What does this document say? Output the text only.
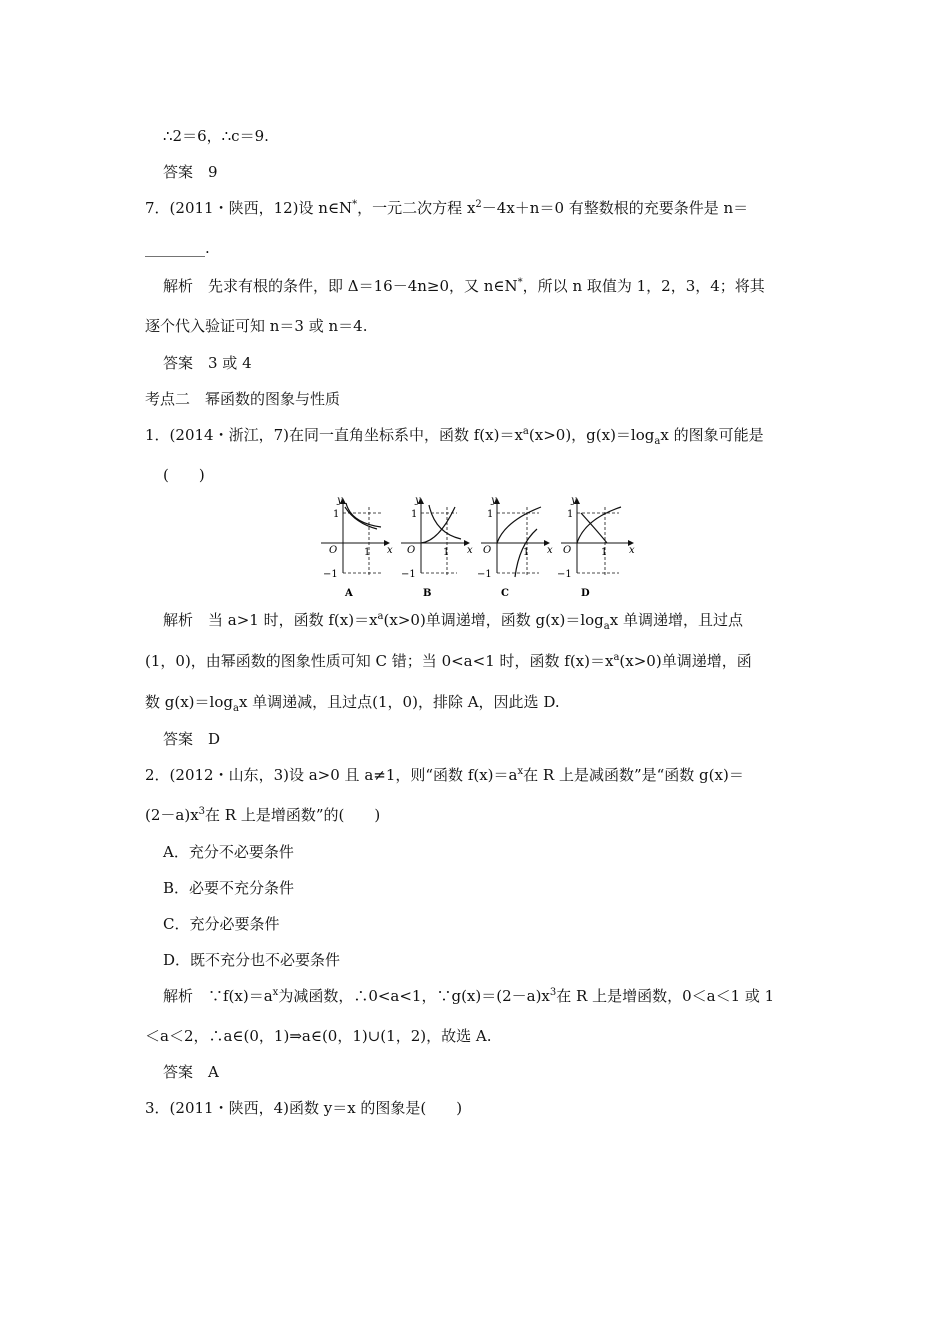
∴2＝6，∴c＝9.
答案　9
7．(2011・陕西，12)设 n∈N*，一元二次方程 $x^2-4x+n=0$ 有整数根的充要条件是 n＝
________.
解析　先求有根的条件，即 Δ＝16－4n≥0，又 n∈N*，所以 n 取值为 1，2，3，4；将其
逐个代入验证可知 n＝3 或 n＝4.
答案　3 或 4
考点二　幂函数的图象与性质
1．(2014・浙江，7)在同一直角坐标系中，函数 $f(x)=x^a(x>0)$，$g(x)=\log_ax$ 的图象可能是
(　　)
y
x
O
1
1
−1
A
y
x
O
1
1
−1
B
y
x
O
1
1
−1
C
y
x
O
1
1
−1
D
解析　当 a>1 时，函数 $f(x)=x^a(x>0)$单调递增，函数 $g(x)=\log_ax$ 单调递增，且过点
(1，0)，由幂函数的图象性质可知 C 错；当 0<a<1 时，函数 $f(x)=x^a(x>0)$单调递增，函
数 $g(x)=\log_ax$ 单调递减，且过点(1，0)，排除 A，因此选 D.
答案　D
2．(2012・山东，3)设 a>0 且 a≠1，则“函数 $f(x)=a^x$在 R 上是减函数”是“函数 g(x)＝
$(2-a)x^3$在 R 上是增函数”的(　　)
A．充分不必要条件
B．必要不充分条件
C．充分必要条件
D．既不充分也不必要条件
解析　$\because f(x)=a^x$为减函数，∴0<a<1，$\because g(x)=(2-a)x^3$在 R 上是增函数，0＜a＜1 或 1
＜a＜2，∴a∈(0，1)⇒a∈(0，1)∪(1，2)，故选 A.
答案　A
3．(2011・陕西，4)函数 y＝x 的图象是(　　)
